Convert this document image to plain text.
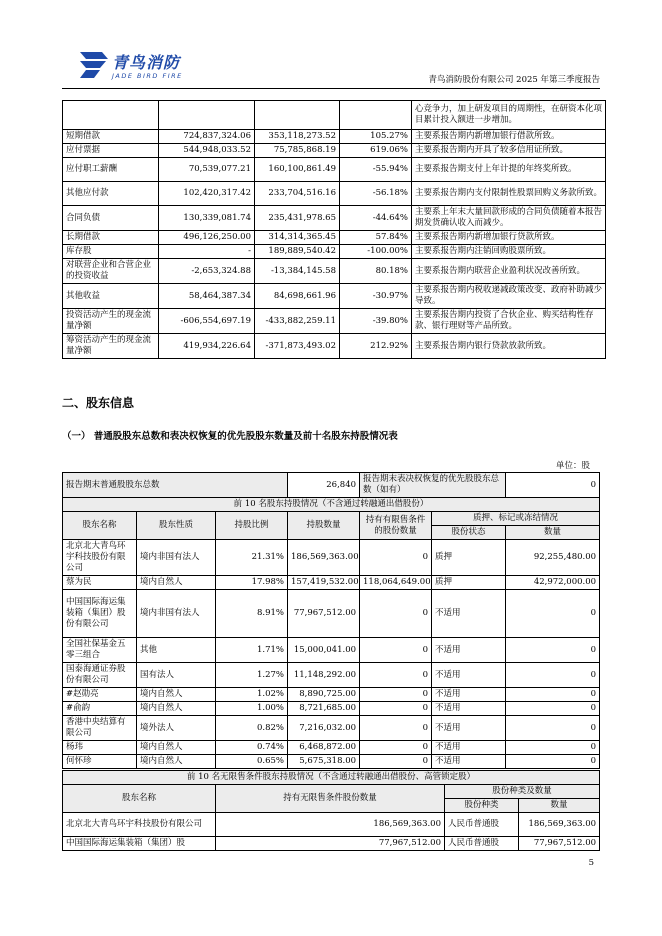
青鸟消防
JADE BIRD FIRE	青鸟消防股份有限公司 2025 年第三季度报告
				心竞争力，加上研发项目的周期性，在研资本化项目累计投入额进一步增加。
短期借款	724,837,324.06	353,118,273.52	105.27%	主要系报告期内新增加银行借款所致。
应付票据	544,948,033.52	75,785,868.19	619.06%	主要系报告期内开具了较多信用证所致。
应付职工薪酬	70,539,077.21	160,100,861.49	-55.94%	主要系报告期支付上年计提的年终奖所致。
其他应付款	102,420,317.42	233,704,516.16	-56.18%	主要系报告期内支付限制性股票回购义务款所致。
合同负债	130,339,081.74	235,431,978.65	-44.64%	主要系上年末大量回款形成的合同负债随着本报告期发货确认收入而减少。
长期借款	496,126,250.00	314,314,365.45	57.84%	主要系报告期内新增加银行贷款所致。
库存股	-	189,889,540.42	-100.00%	主要系报告期内注销回购股票所致。
对联营企业和合营企业的投资收益	-2,653,324.88	-13,384,145.58	80.18%	主要系报告期内联营企业盈利状况改善所致。
其他收益	58,464,387.34	84,698,661.96	-30.97%	主要系报告期内税收递减政策改变、政府补助减少导致。
投资活动产生的现金流量净额	-606,554,697.19	-433,882,259.11	-39.80%	主要系报告期内投资了合伙企业、购买结构性存款、银行理财等产品所致。
筹资活动产生的现金流量净额	419,934,226.64	-371,873,493.02	212.92%	主要系报告期内银行贷款放款所致。
二、股东信息
（一） 普通股股东总数和表决权恢复的优先股股东数量及前十名股东持股情况表
单位：股
报告期末普通股股东总数			26,840	报告期末表决权恢复的优先股股东总数（如有）		0
前 10 名股东持股情况（不含通过转融通出借股份）						
股东名称	股东性质	持股比例	持股数量	持有有限售条件的股份数量	质押、标记或冻结情况	
					股份状态	数量
北京北大青鸟环宇科技股份有限公司	境内非国有法人	21.31%	186,569,363.00	0	质押	92,255,480.00
蔡为民	境内自然人	17.98%	157,419,532.00	118,064,649.00	质押	42,972,000.00
中国国际海运集装箱（集团）股份有限公司	境内非国有法人	8.91%	77,967,512.00	0	不适用	0
全国社保基金五零三组合	其他	1.71%	15,000,041.00	0	不适用	0
国泰海通证券股份有限公司	国有法人	1.27%	11,148,292.00	0	不适用	0
#赵勋亮	境内自然人	1.02%	8,890,725.00	0	不适用	0
#俞韵	境内自然人	1.00%	8,721,685.00	0	不适用	0
香港中央结算有限公司	境外法人	0.82%	7,216,032.00	0	不适用	0
杨玮	境内自然人	0.74%	6,468,872.00	0	不适用	0
何怀珍	境内自然人	0.65%	5,675,318.00	0	不适用	0
前 10 名无限售条件股东持股情况（不含通过转融通出借股份、高管锁定股）			
股东名称	持有无限售条件股份数量	股份种类及数量	
		股份种类	数量
北京北大青鸟环宇科技股份有限公司	186,569,363.00	人民币普通股	186,569,363.00
中国国际海运集装箱（集团）股	77,967,512.00	人民币普通股	77,967,512.00
5
